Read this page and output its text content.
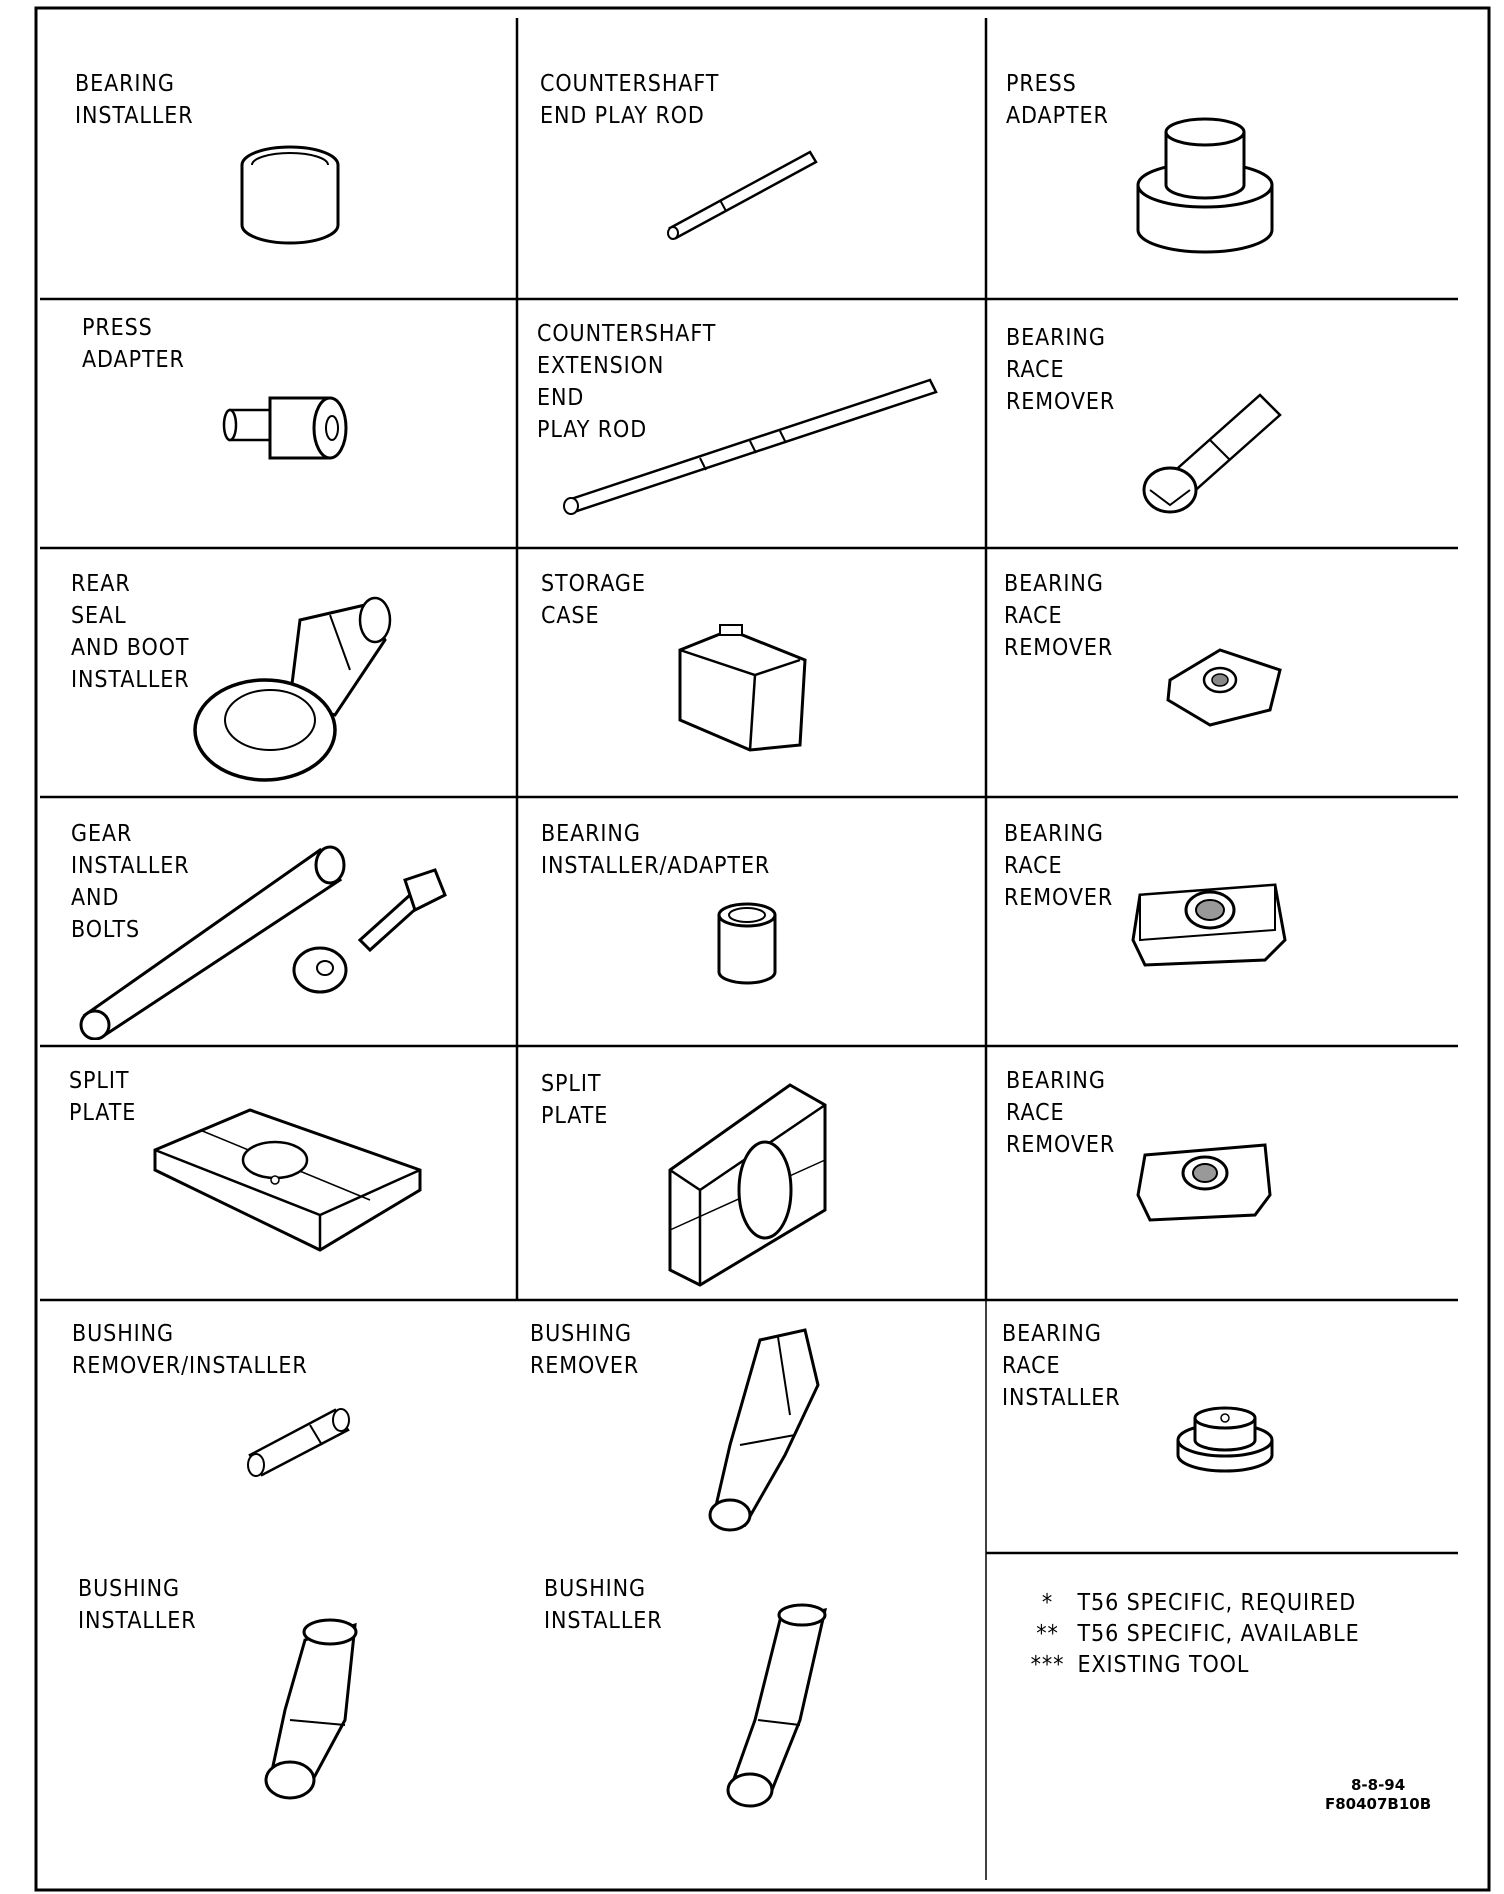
BEARING INSTALLER
COUNTERSHAFT END PLAY ROD
PRESS ADAPTER
PRESS ADAPTER
COUNTERSHAFT EXTENSION END
PLAY ROD
BEARING RACE REMOVER
REAR SEAL
AND BOOT INSTALLER
STORAGE CASE
BEARING RACE REMOVER
GEAR INSTALLER AND BOLTS
BEARING INSTALLER/ADAPTER
BEARING RACE REMOVER
SPLIT PLATE
SPLIT PLATE
BEARING RACE REMOVER
BUSHING REMOVER/INSTALLER
BUSHING REMOVER
BEARING RACE INSTALLER
BUSHING INSTALLER
BUSHING INSTALLER
* T56 SPECIFIC, REQUIRED
** T56 SPECIFIC, AVAILABLE
*** EXISTING TOOL
8-8-94
F80407B10B
